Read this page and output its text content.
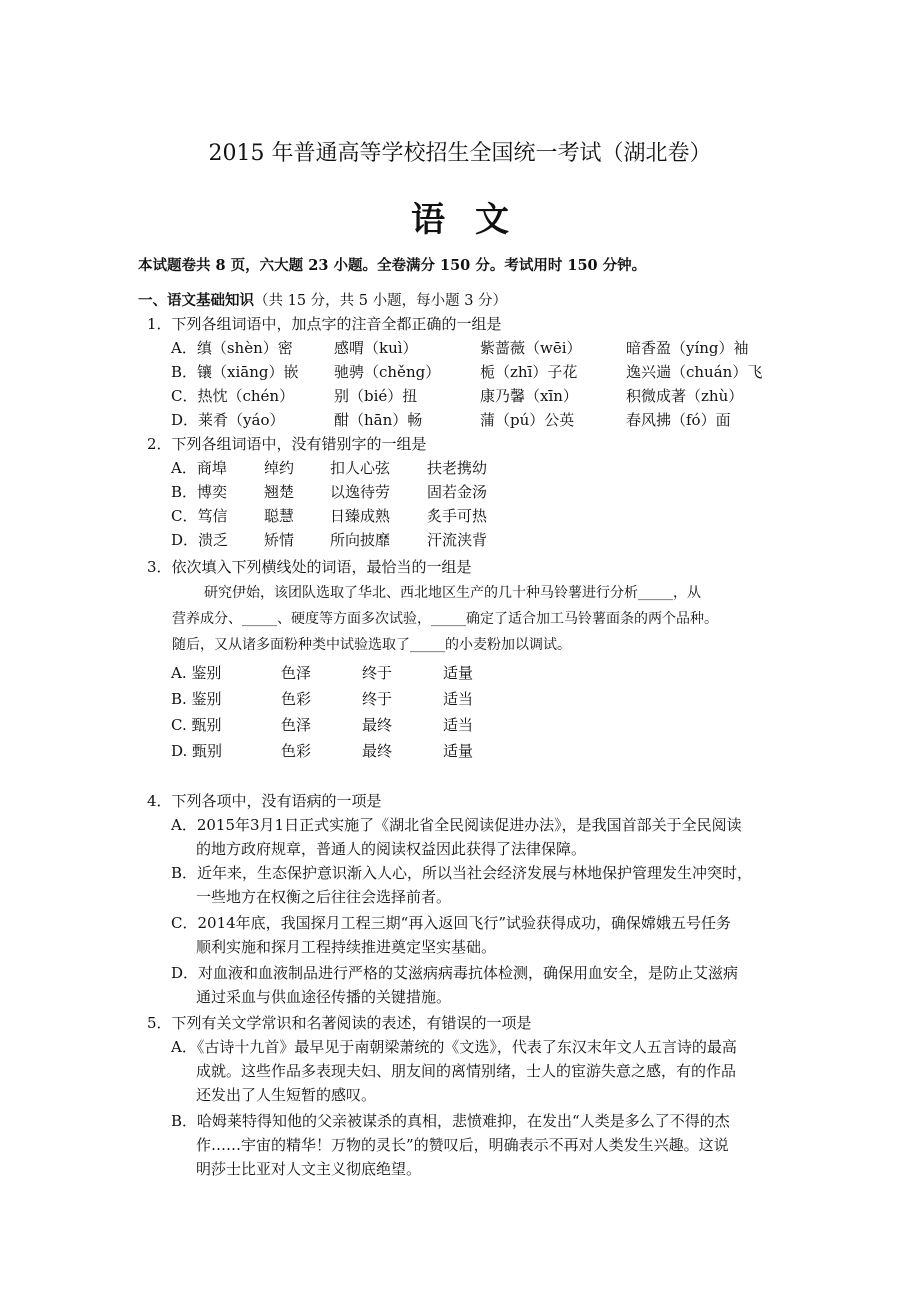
2015 年普通高等学校招生全国统一考试（湖北卷）
语文
本试题卷共 8 页，六大题 23 小题。全卷满分 150 分。考试用时 150 分钟。
一、语文基础知识（共 15 分，共 5 小题，每小题 3 分）
1．下列各组词语中，加点字的注音全都正确的一组是
A．缜（shèn）密	感喟（kuì）	紫蔷薇（wēi）	暗香盈（yíng）袖
B．镶（xiāng）嵌 驰骋（chěng）	栀（zhī）子花	逸兴遄（chuán）飞
C．热忱（chén）	别（bié）扭	康乃馨（xīn）	积微成著（zhù）
D．莱肴（yáo）	酣（hān）畅	蒲（pú）公英	春风拂（fó）面
2．下列各组词语中，没有错别字的一组是
A．商埠 绰约 扣人心弦 扶老携幼
B．博奕 翘楚 以逸待劳 固若金汤
C．笃信 聪慧 日臻成熟 炙手可热
D．溃乏 矫情 所向披靡 汗流浃背
3．依次填入下列横线处的词语，最恰当的一组是
研究伊始，该团队选取了华北、西北地区生产的几十种马铃薯进行分析_____，从
营养成分、_____、硬度等方面多次试验，_____确定了适合加工马铃薯面条的两个品种。
随后，又从诸多面粉种类中试验选取了_____的小麦粉加以调试。
A. 鉴别	色泽	终于	适量
B. 鉴别	色彩	终于	适当
C. 甄别	色泽	最终	适当
D. 甄别	色彩	最终	适量
4．下列各项中，没有语病的一项是
A．2015年3月1日正式实施了《湖北省全民阅读促进办法》，是我国首部关于全民阅读
的地方政府规章，普通人的阅读权益因此获得了法律保障。
B．近年来，生态保护意识渐入人心，所以当社会经济发展与林地保护管理发生冲突时，
一些地方在权衡之后往往会选择前者。
C．2014年底，我国探月工程三期“再入返回飞行”试验获得成功，确保嫦娥五号任务
顺利实施和探月工程持续推进奠定坚实基础。
D．对血液和血液制品进行严格的艾滋病病毒抗体检测，确保用血安全，是防止艾滋病
通过采血与供血途径传播的关键措施。
5．下列有关文学常识和名著阅读的表述，有错误的一项是
A．《古诗十九首》最早见于南朝梁萧统的《文选》，代表了东汉末年文人五言诗的最高
成就。这些作品多表现夫妇、朋友间的离情别绪，士人的宦游失意之感，有的作品
还发出了人生短暂的感叹。
B．哈姆莱特得知他的父亲被谋杀的真相，悲愤难抑，在发出“人类是多么了不得的杰
作……宇宙的精华！万物的灵长”的赞叹后，明确表示不再对人类发生兴趣。这说
明莎士比亚对人文主义彻底绝望。
